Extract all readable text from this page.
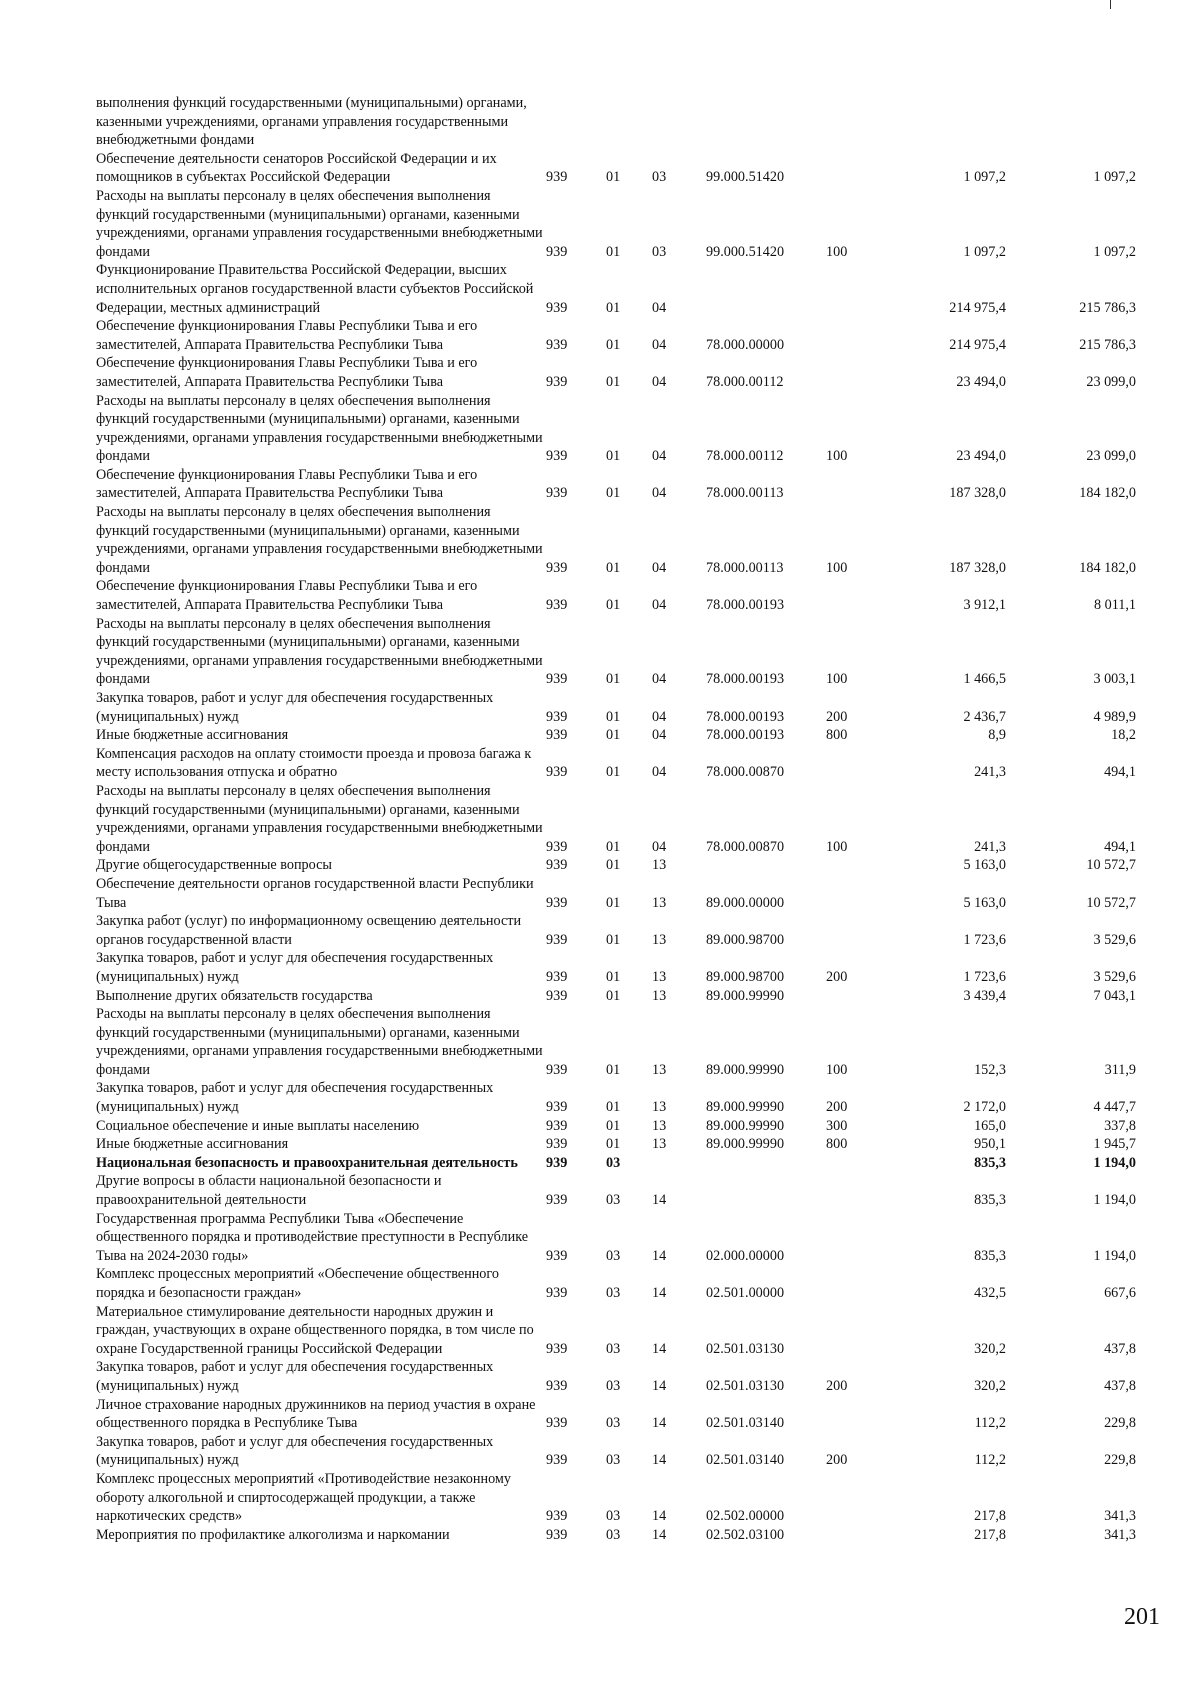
выполнения функций государственными (муниципальными) органами, казенными учреждениями, органами управления государственными внебюджетными фондами							
Обеспечение деятельности сенаторов Российской Федерации и их помощников в субъектах Российской Федерации	939	01	03	99.000.51420		1 097,2	1 097,2
Расходы на выплаты персоналу в целях обеспечения выполнения функций государственными (муниципальными) органами, казенными учреждениями, органами управления государственными внебюджетными фондами	939	01	03	99.000.51420	100	1 097,2	1 097,2
Функционирование Правительства Российской Федерации, высших исполнительных органов государственной власти субъектов Российской Федерации, местных администраций	939	01	04			214 975,4	215 786,3
Обеспечение функционирования Главы Республики Тыва и его заместителей, Аппарата Правительства Республики Тыва	939	01	04	78.000.00000		214 975,4	215 786,3
Обеспечение функционирования Главы Республики Тыва и его заместителей, Аппарата Правительства Республики Тыва	939	01	04	78.000.00112		23 494,0	23 099,0
Расходы на выплаты персоналу в целях обеспечения выполнения функций государственными (муниципальными) органами, казенными учреждениями, органами управления государственными внебюджетными фондами	939	01	04	78.000.00112	100	23 494,0	23 099,0
Обеспечение функционирования Главы Республики Тыва и его заместителей, Аппарата Правительства Республики Тыва	939	01	04	78.000.00113		187 328,0	184 182,0
Расходы на выплаты персоналу в целях обеспечения выполнения функций государственными (муниципальными) органами, казенными учреждениями, органами управления государственными внебюджетными фондами	939	01	04	78.000.00113	100	187 328,0	184 182,0
Обеспечение функционирования Главы Республики Тыва и его заместителей, Аппарата Правительства Республики Тыва	939	01	04	78.000.00193		3 912,1	8 011,1
Расходы на выплаты персоналу в целях обеспечения выполнения функций государственными (муниципальными) органами, казенными учреждениями, органами управления государственными внебюджетными фондами	939	01	04	78.000.00193	100	1 466,5	3 003,1
Закупка товаров, работ и услуг для обеспечения государственных (муниципальных) нужд	939	01	04	78.000.00193	200	2 436,7	4 989,9
Иные бюджетные ассигнования	939	01	04	78.000.00193	800	8,9	18,2
Компенсация расходов на оплату стоимости проезда и провоза багажа к месту использования отпуска и обратно	939	01	04	78.000.00870		241,3	494,1
Расходы на выплаты персоналу в целях обеспечения выполнения функций государственными (муниципальными) органами, казенными учреждениями, органами управления государственными внебюджетными фондами	939	01	04	78.000.00870	100	241,3	494,1
Другие общегосударственные вопросы	939	01	13			5 163,0	10 572,7
Обеспечение деятельности органов государственной власти Республики Тыва	939	01	13	89.000.00000		5 163,0	10 572,7
Закупка работ (услуг) по информационному освещению деятельности органов государственной власти	939	01	13	89.000.98700		1 723,6	3 529,6
Закупка товаров, работ и услуг для обеспечения государственных (муниципальных) нужд	939	01	13	89.000.98700	200	1 723,6	3 529,6
Выполнение других обязательств государства	939	01	13	89.000.99990		3 439,4	7 043,1
Расходы на выплаты персоналу в целях обеспечения выполнения функций государственными (муниципальными) органами, казенными учреждениями, органами управления государственными внебюджетными фондами	939	01	13	89.000.99990	100	152,3	311,9
Закупка товаров, работ и услуг для обеспечения государственных (муниципальных) нужд	939	01	13	89.000.99990	200	2 172,0	4 447,7
Социальное обеспечение и иные выплаты населению	939	01	13	89.000.99990	300	165,0	337,8
Иные бюджетные ассигнования	939	01	13	89.000.99990	800	950,1	1 945,7
Национальная безопасность и правоохранительная деятельность	939	03				835,3	1 194,0
Другие вопросы в области национальной безопасности и правоохранительной деятельности	939	03	14			835,3	1 194,0
Государственная программа Республики Тыва «Обеспечение общественного порядка и противодействие преступности в Республике Тыва на 2024-2030 годы»	939	03	14	02.000.00000		835,3	1 194,0
Комплекс процессных мероприятий «Обеспечение общественного порядка и безопасности граждан»	939	03	14	02.501.00000		432,5	667,6
Материальное стимулирование деятельности народных дружин и граждан, участвующих в охране общественного порядка, в том числе по охране Государственной границы Российской Федерации	939	03	14	02.501.03130		320,2	437,8
Закупка товаров, работ и услуг для обеспечения государственных (муниципальных) нужд	939	03	14	02.501.03130	200	320,2	437,8
Личное страхование народных дружинников на период участия в охране общественного порядка в Республике Тыва	939	03	14	02.501.03140		112,2	229,8
Закупка товаров, работ и услуг для обеспечения государственных (муниципальных) нужд	939	03	14	02.501.03140	200	112,2	229,8
Комплекс процессных мероприятий «Противодействие незаконному обороту алкогольной и спиртосодержащей продукции, а также наркотических средств»	939	03	14	02.502.00000		217,8	341,3
Мероприятия по профилактике алкоголизма и наркомании	939	03	14	02.502.03100		217,8	341,3
201
